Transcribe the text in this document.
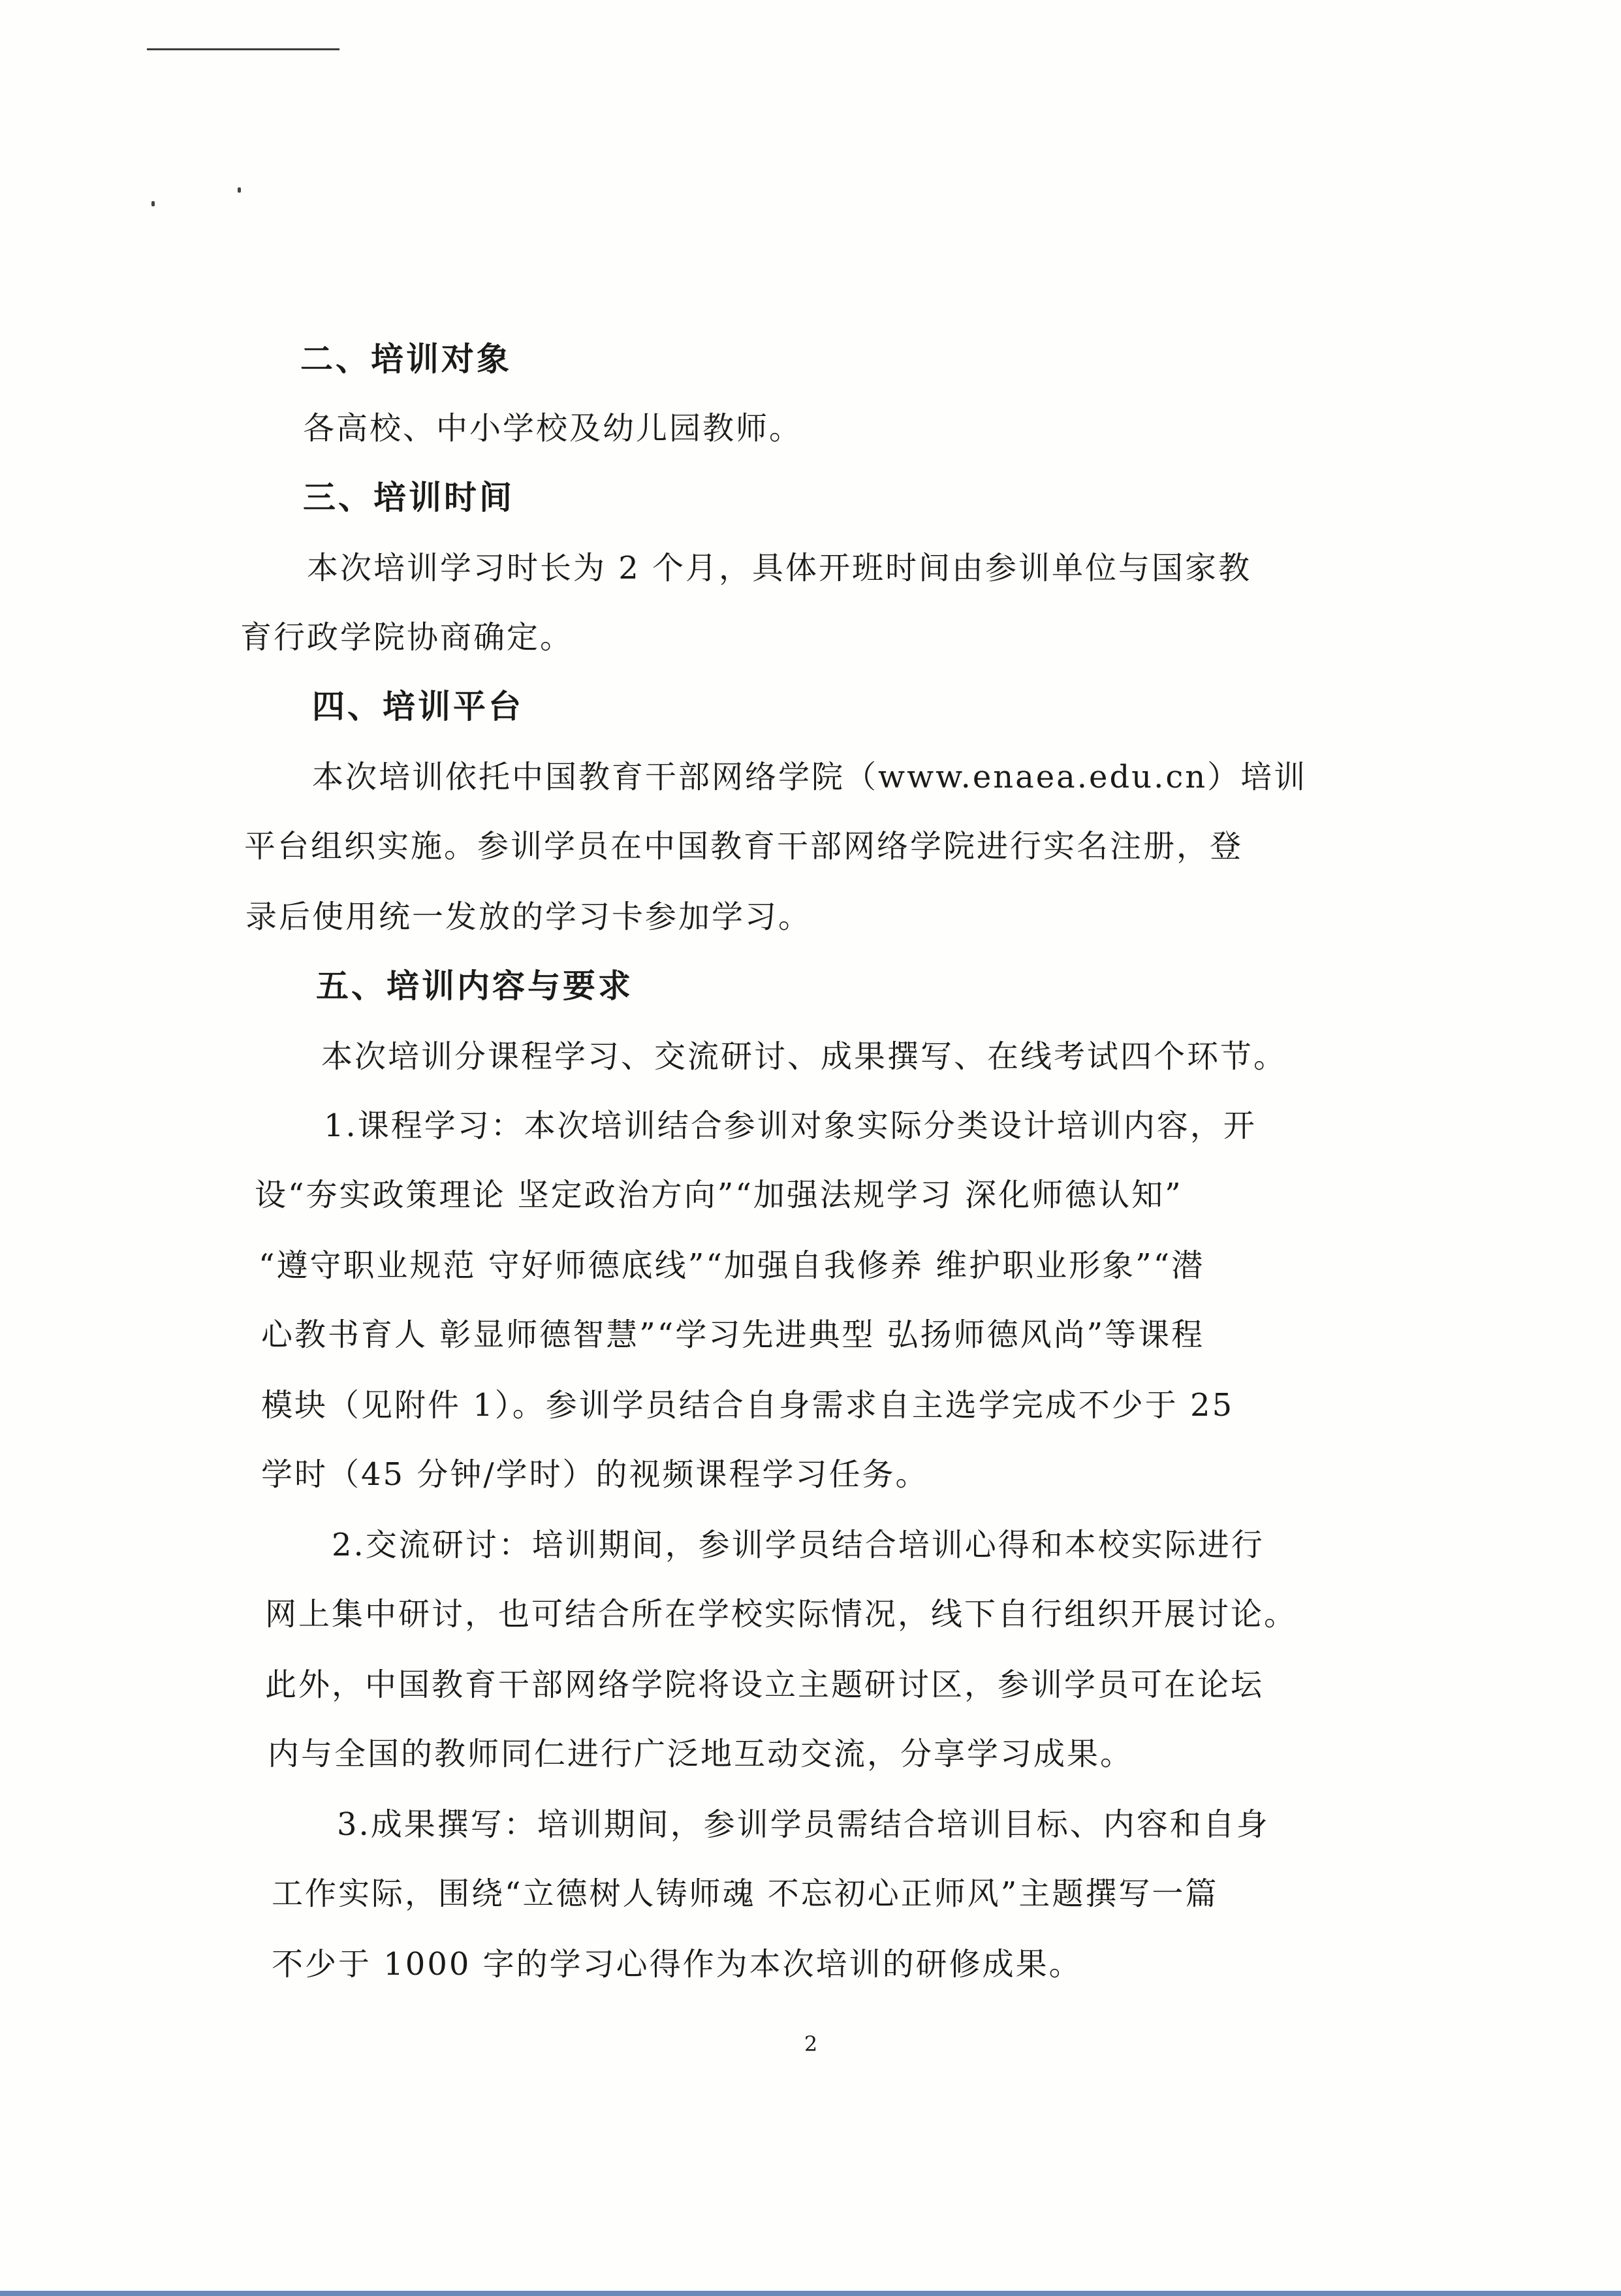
二、培训对象
各高校、中小学校及幼儿园教师。
三、培训时间
本次培训学习时长为 2 个月，具体开班时间由参训单位与国家教
育行政学院协商确定。
四、培训平台
本次培训依托中国教育干部网络学院（www.enaea.edu.cn）培训
平台组织实施。参训学员在中国教育干部网络学院进行实名注册，登
录后使用统一发放的学习卡参加学习。
五、培训内容与要求
本次培训分课程学习、交流研讨、成果撰写、在线考试四个环节。
1.课程学习：本次培训结合参训对象实际分类设计培训内容，开
设“夯实政策理论 坚定政治方向”“加强法规学习 深化师德认知”
“遵守职业规范 守好师德底线”“加强自我修养 维护职业形象”“潜
心教书育人 彰显师德智慧”“学习先进典型 弘扬师德风尚”等课程
模块（见附件 1）。参训学员结合自身需求自主选学完成不少于 25
学时（45 分钟/学时）的视频课程学习任务。
2.交流研讨：培训期间，参训学员结合培训心得和本校实际进行
网上集中研讨，也可结合所在学校实际情况，线下自行组织开展讨论。
此外，中国教育干部网络学院将设立主题研讨区，参训学员可在论坛
内与全国的教师同仁进行广泛地互动交流，分享学习成果。
3.成果撰写：培训期间，参训学员需结合培训目标、内容和自身
工作实际，围绕“立德树人铸师魂 不忘初心正师风”主题撰写一篇
不少于 1000 字的学习心得作为本次培训的研修成果。
2
